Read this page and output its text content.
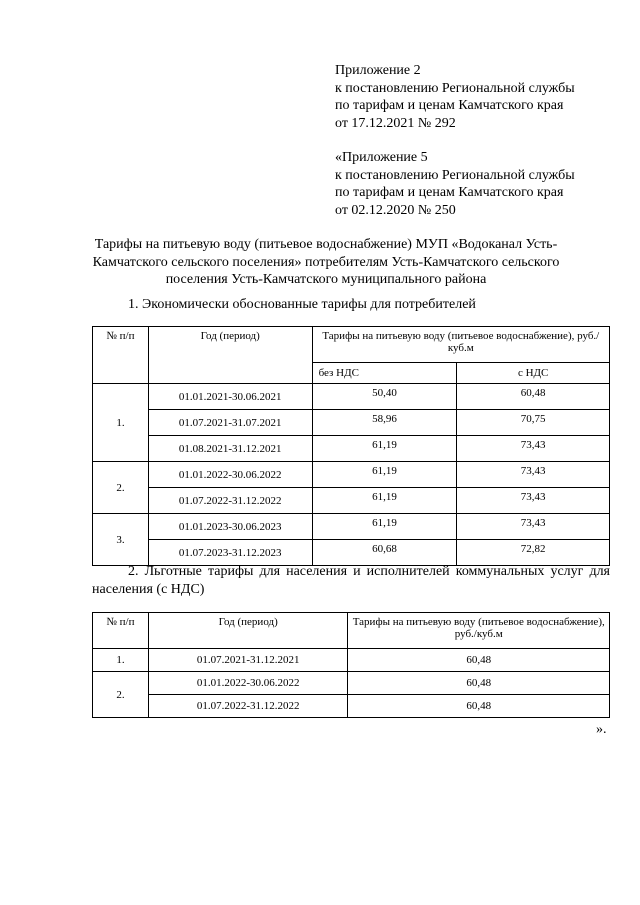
Приложение 2
к постановлению Региональной службы
по тарифам и ценам Камчатского края
от 17.12.2021 № 292
«Приложение 5
к постановлению Региональной службы
по тарифам и ценам Камчатского края
от 02.12.2020 № 250
Тарифы на питьевую воду (питьевое водоснабжение) МУП «Водоканал Усть-Камчатского сельского поселения» потребителям Усть-Камчатского сельского поселения Усть-Камчатского муниципального района
1. Экономически обоснованные тарифы для потребителей
№ п/п	Год (период)	Тарифы на питьевую воду (питьевое водоснабжение), руб./куб.м	
		без НДС	с НДС
1.	01.01.2021-30.06.2021	50,40	60,48
	01.07.2021-31.07.2021	58,96	70,75
	01.08.2021-31.12.2021	61,19	73,43
2.	01.01.2022-30.06.2022	61,19	73,43
	01.07.2022-31.12.2022	61,19	73,43
3.	01.01.2023-30.06.2023	61,19	73,43
	01.07.2023-31.12.2023	60,68	72,82
2. Льготные тарифы для населения и исполнителей коммунальных услуг для населения (с НДС)
№ п/п	Год (период)	Тарифы на питьевую воду (питьевое водоснабжение), руб./куб.м
1.	01.07.2021-31.12.2021	60,48
2.	01.01.2022-30.06.2022	60,48
	01.07.2022-31.12.2022	60,48
».
